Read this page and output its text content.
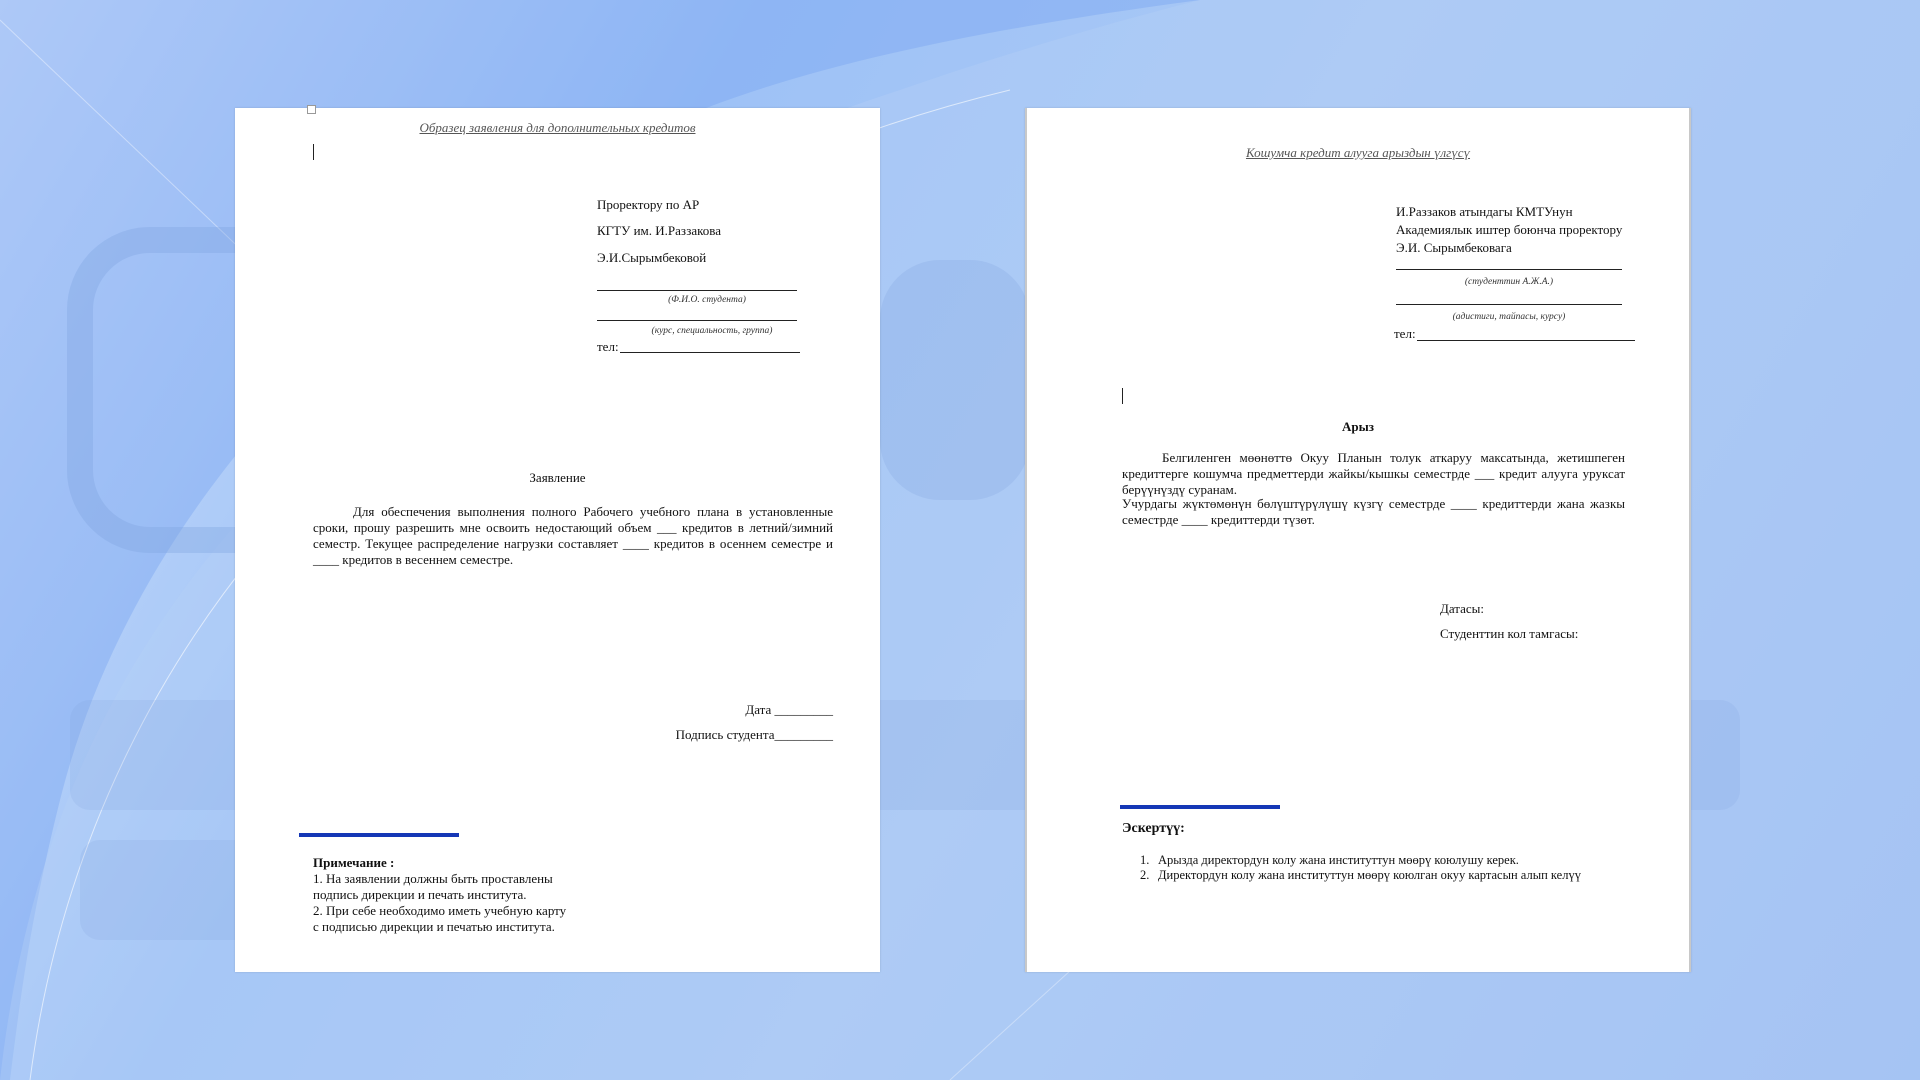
Образец заявления для дополнительных кредитов
Проректору по АР
КГТУ им. И.Раззакова
Э.И.Сырымбековой
(Ф.И.О. студента)
(курс, специальность, группа)
тел:
Заявление
Для обеспечения выполнения полного Рабочего учебного плана в установленные сроки, прошу разрешить мне освоить недостающий объем ___ кредитов в летний/зимний семестр. Текущее распределение нагрузки составляет ____ кредитов в осеннем семестре и ____ кредитов в весеннем семестре.
Дата _________
Подпись студента_________
Примечание :
1. На заявлении должны быть проставлены
подпись дирекции и печать института.
2. При себе необходимо иметь учебную карту
с подписью дирекции и печатью института.
Кошумча кредит алууга арыздын үлгүсү
И.Раззаков атындагы КМТУнун
Академиялык иштер боюнча проректору
Э.И. Сырымбековага
(студенттин А.Ж.А.)
(адистиги, тайпасы, курсу)
тел:
Арыз
Белгиленген мөөнөттө Окуу Планын толук аткаруу максатында, жетишпеген кредиттерге кошумча предметтерди жайкы/кышкы семестрде ___ кредит алууга уруксат берүүнүздү суранам.
Учурдагы жүктөмөнүн бөлүштүрүлүшү күзгү семестрде ____ кредиттерди жана жазкы семестрде ____ кредиттерди түзөт.
Датасы:
Студенттин кол тамгасы:
Эскертүү:
1. Арызда директордун колу жана институттун мөөрү коюлушу керек.
2. Директордун колу жана институттун мөөрү коюлган окуу картасын алып келүү
